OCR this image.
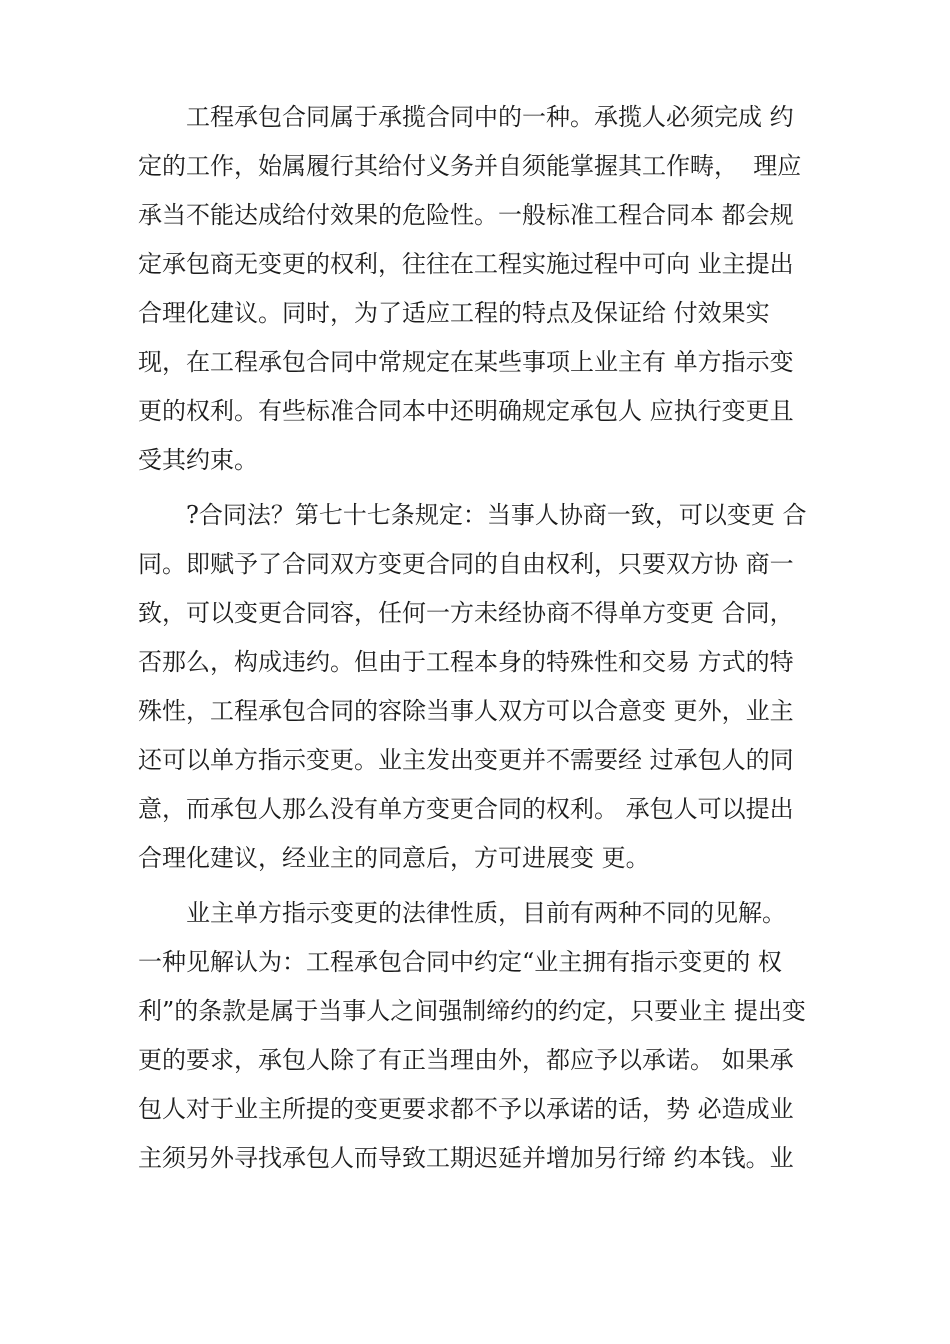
工程承包合同属于承揽合同中的一种。承揽人必须完成 约
定的工作，始属履行其给付义务并自须能掌握其工作畴，  理应
承当不能达成给付效果的危险性。一般标准工程合同本 都会规
定承包商无变更的权利，往往在工程实施过程中可向 业主提出
合理化建议。同时，为了适应工程的特点及保证给 付效果实
现，在工程承包合同中常规定在某些事项上业主有 单方指示变
更的权利。有些标准合同本中还明确规定承包人 应执行变更且
受其约束。
?合同法？第七十七条规定：当事人协商一致，可以变更 合
同。即赋予了合同双方变更合同的自由权利，只要双方协 商一
致，可以变更合同容，任何一方未经协商不得单方变更 合同，
否那么，构成违约。但由于工程本身的特殊性和交易 方式的特
殊性，工程承包合同的容除当事人双方可以合意变 更外，业主
还可以单方指示变更。业主发出变更并不需要经 过承包人的同
意，而承包人那么没有单方变更合同的权利。 承包人可以提出
合理化建议，经业主的同意后，方可进展变 更。
业主单方指示变更的法律性质，目前有两种不同的见解。
一种见解认为：工程承包合同中约定“业主拥有指示变更的 权
利”的条款是属于当事人之间强制缔约的约定，只要业主 提出变
更的要求，承包人除了有正当理由外，都应予以承诺。 如果承
包人对于业主所提的变更要求都不予以承诺的话，势 必造成业
主须另外寻找承包人而导致工期迟延并增加另行缔 约本钱。业
